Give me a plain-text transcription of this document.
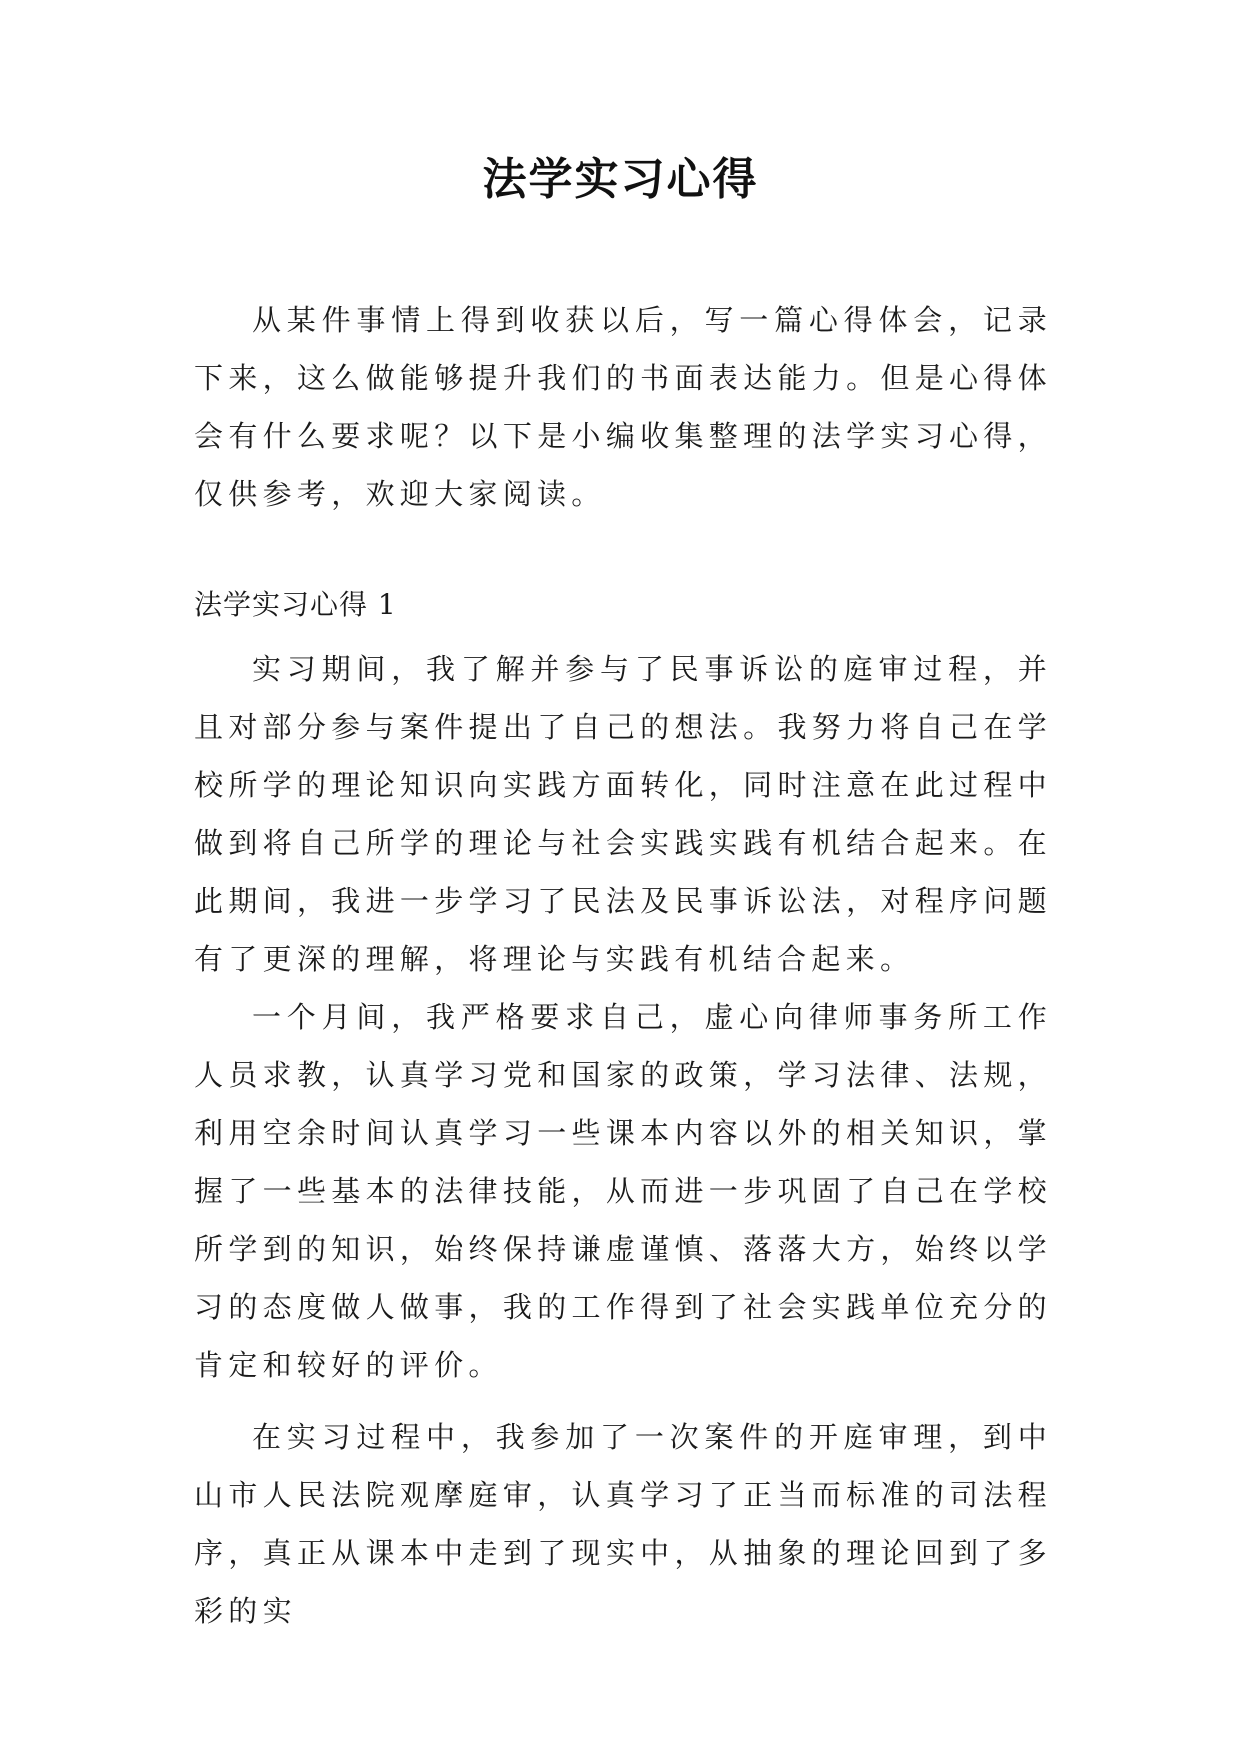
法学实习心得

从某件事情上得到收获以后，写一篇心得体会，记录下来，这么做能够提升我们的书面表达能力。但是心得体会有什么要求呢？以下是小编收集整理的法学实习心得，仅供参考，欢迎大家阅读。

法学实习心得 1

实习期间，我了解并参与了民事诉讼的庭审过程，并且对部分参与案件提出了自己的想法。我努力将自己在学校所学的理论知识向实践方面转化，同时注意在此过程中做到将自己所学的理论与社会实践实践有机结合起来。在此期间，我进一步学习了民法及民事诉讼法，对程序问题有了更深的理解，将理论与实践有机结合起来。

一个月间，我严格要求自己，虚心向律师事务所工作人员求教，认真学习党和国家的政策，学习法律、法规，利用空余时间认真学习一些课本内容以外的相关知识，掌握了一些基本的法律技能，从而进一步巩固了自己在学校所学到的知识，始终保持谦虚谨慎、落落大方，始终以学习的态度做人做事，我的工作得到了社会实践单位充分的肯定和较好的评价。

在实习过程中，我参加了一次案件的开庭审理，到中山市人民法院观摩庭审，认真学习了正当而标准的司法程序，真正从课本中走到了现实中，从抽象的理论回到了多彩的实
